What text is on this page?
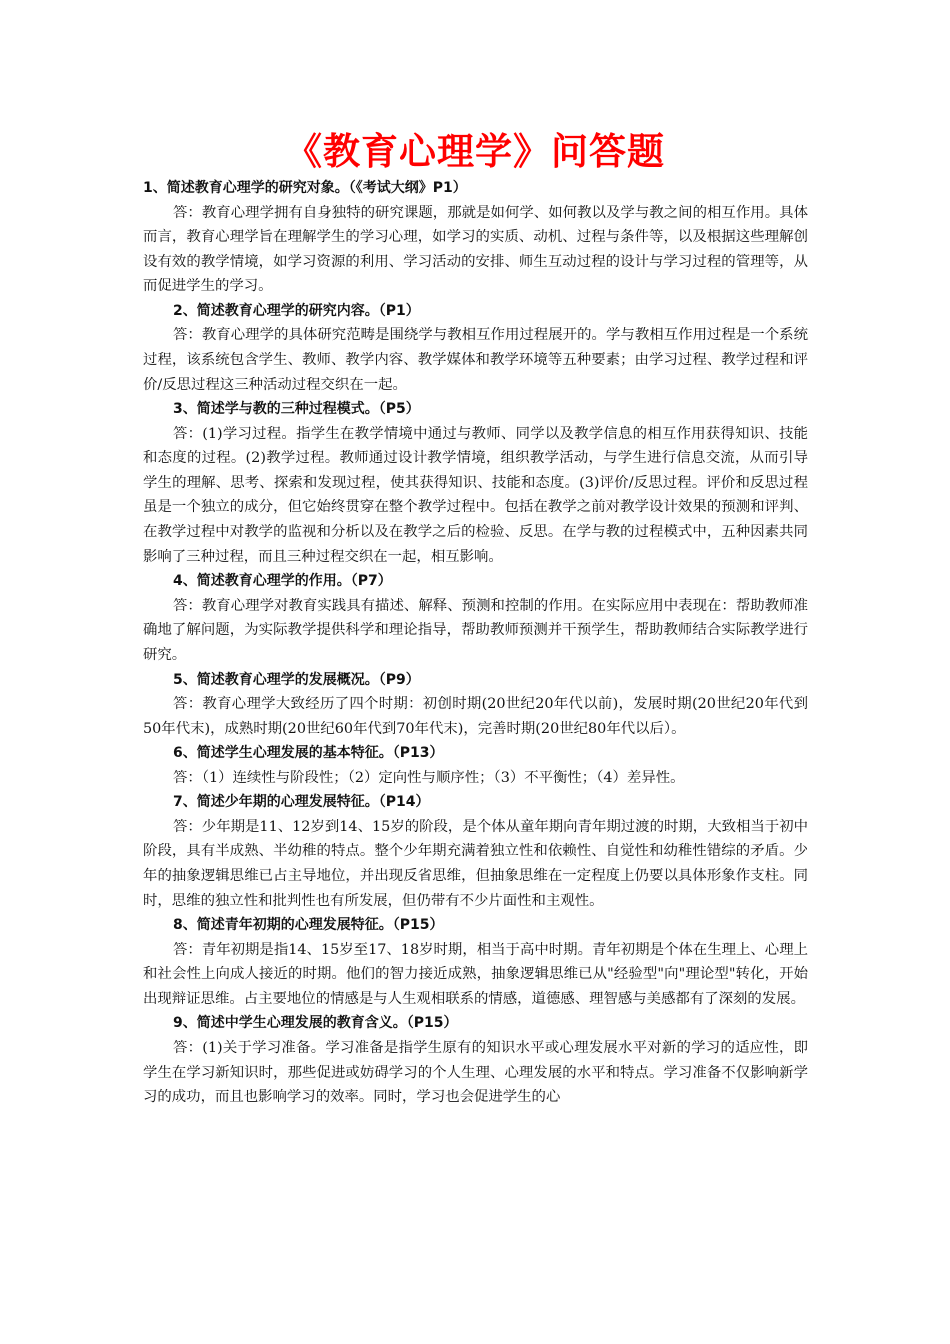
《教育心理学》问答题
1、简述教育心理学的研究对象。（《考试大纲》P1）

答：教育心理学拥有自身独特的研究课题，那就是如何学、如何教以及学与教之间的相互作用。具体而言，教育心理学旨在理解学生的学习心理，如学习的实质、动机、过程与条件等，以及根据这些理解创设有效的教学情境，如学习资源的利用、学习活动的安排、师生互动过程的设计与学习过程的管理等，从而促进学生的学习。

2、简述教育心理学的研究内容。（P1）

答：教育心理学的具体研究范畴是围绕学与教相互作用过程展开的。学与教相互作用过程是一个系统过程，该系统包含学生、教师、教学内容、教学媒体和教学环境等五种要素；由学习过程、教学过程和评价/反思过程这三种活动过程交织在一起。

3、简述学与教的三种过程模式。（P5）

答：(1)学习过程。指学生在教学情境中通过与教师、同学以及教学信息的相互作用获得知识、技能和态度的过程。(2)教学过程。教师通过设计教学情境，组织教学活动，与学生进行信息交流，从而引导学生的理解、思考、探索和发现过程，使其获得知识、技能和态度。(3)评价/反思过程。评价和反思过程虽是一个独立的成分，但它始终贯穿在整个教学过程中。包括在教学之前对教学设计效果的预测和评判、在教学过程中对教学的监视和分析以及在教学之后的检验、反思。在学与教的过程模式中，五种因素共同影响了三种过程，而且三种过程交织在一起，相互影响。

4、简述教育心理学的作用。（P7）

答：教育心理学对教育实践具有描述、解释、预测和控制的作用。在实际应用中表现在：帮助教师准确地了解问题，为实际教学提供科学和理论指导，帮助教师预测并干预学生，帮助教师结合实际教学进行研究。

5、简述教育心理学的发展概况。（P9）

答：教育心理学大致经历了四个时期：初创时期(20世纪20年代以前)，发展时期(20世纪20年代到50年代末)，成熟时期(20世纪60年代到70年代末)，完善时期(20世纪80年代以后）。

6、简述学生心理发展的基本特征。（P13）

答：（1）连续性与阶段性；（2）定向性与顺序性；（3）不平衡性；（4）差异性。

7、简述少年期的心理发展特征。（P14）

答：少年期是11、12岁到14、15岁的阶段，是个体从童年期向青年期过渡的时期，大致相当于初中阶段，具有半成熟、半幼稚的特点。整个少年期充满着独立性和依赖性、自觉性和幼稚性错综的矛盾。少年的抽象逻辑思维已占主导地位，并出现反省思维，但抽象思维在一定程度上仍要以具体形象作支柱。同时，思维的独立性和批判性也有所发展，但仍带有不少片面性和主观性。

8、简述青年初期的心理发展特征。（P15）

答：青年初期是指14、15岁至17、18岁时期，相当于高中时期。青年初期是个体在生理上、心理上和社会性上向成人接近的时期。他们的智力接近成熟，抽象逻辑思维已从"经验型"向"理论型"转化，开始出现辩证思维。占主要地位的情感是与人生观相联系的情感，道德感、理智感与美感都有了深刻的发展。

9、简述中学生心理发展的教育含义。（P15）

答：(1)关于学习准备。学习准备是指学生原有的知识水平或心理发展水平对新的学习的适应性，即学生在学习新知识时，那些促进或妨碍学习的个人生理、心理发展的水平和特点。学习准备不仅影响新学习的成功，而且也影响学习的效率。同时，学习也会促进学生的心
